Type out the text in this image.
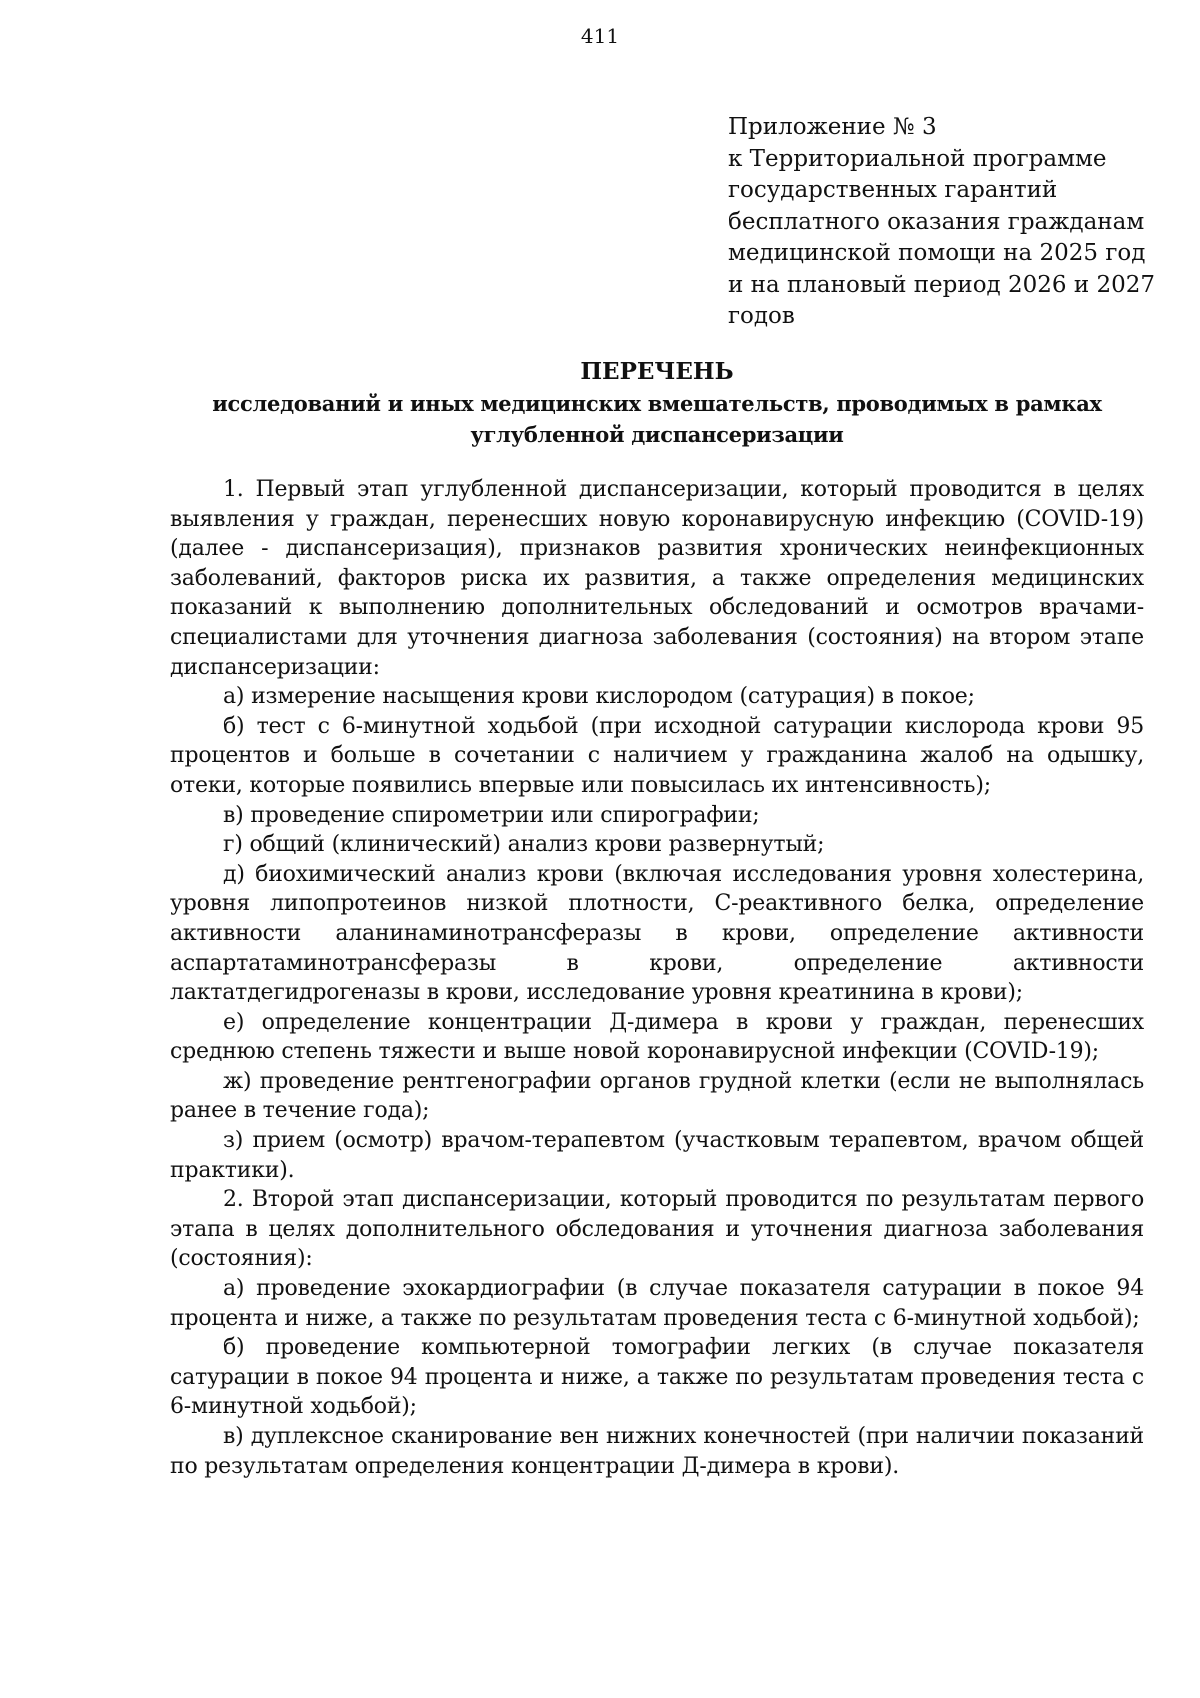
411
Приложение № 3
к Территориальной программе
государственных гарантий
бесплатного оказания гражданам
медицинской помощи на 2025 год
и на плановый период 2026 и 2027
годов
ПЕРЕЧЕНЬ
исследований и иных медицинских вмешательств, проводимых в рамках углубленной диспансеризации

1. Первый этап углубленной диспансеризации, который проводится в целях выявления у граждан, перенесших новую коронавирусную инфекцию (COVID-19) (далее - диспансеризация), признаков развития хронических неинфекционных заболеваний, факторов риска их развития, а также определения медицинских показаний к выполнению дополнительных обследований и осмотров врачами-специалистами для уточнения диагноза заболевания (состояния) на втором этапе диспансеризации:

а) измерение насыщения крови кислородом (сатурация) в покое;

б) тест с 6-минутной ходьбой (при исходной сатурации кислорода крови 95 процентов и больше в сочетании с наличием у гражданина жалоб на одышку, отеки, которые появились впервые или повысилась их интенсивность);

в) проведение спирометрии или спирографии;

г) общий (клинический) анализ крови развернутый;

д) биохимический анализ крови (включая исследования уровня холестерина, уровня липопротеинов низкой плотности, С-реактивного белка, определение активности аланинаминотрансферазы в крови, определение активности аспартатаминотрансферазы в крови, определение активности лактатдегидрогеназы в крови, исследование уровня креатинина в крови);

е) определение концентрации Д-димера в крови у граждан, перенесших среднюю степень тяжести и выше новой коронавирусной инфекции (COVID-19);

ж) проведение рентгенографии органов грудной клетки (если не выполнялась ранее в течение года);

з) прием (осмотр) врачом-терапевтом (участковым терапевтом, врачом общей практики).

2. Второй этап диспансеризации, который проводится по результатам первого этапа в целях дополнительного обследования и уточнения диагноза заболевания (состояния):

а) проведение эхокардиографии (в случае показателя сатурации в покое 94 процента и ниже, а также по результатам проведения теста с 6-минутной ходьбой);

б) проведение компьютерной томографии легких (в случае показателя сатурации в покое 94 процента и ниже, а также по результатам проведения теста с 6-минутной ходьбой);

в) дуплексное сканирование вен нижних конечностей (при наличии показаний по результатам определения концентрации Д-димера в крови).
